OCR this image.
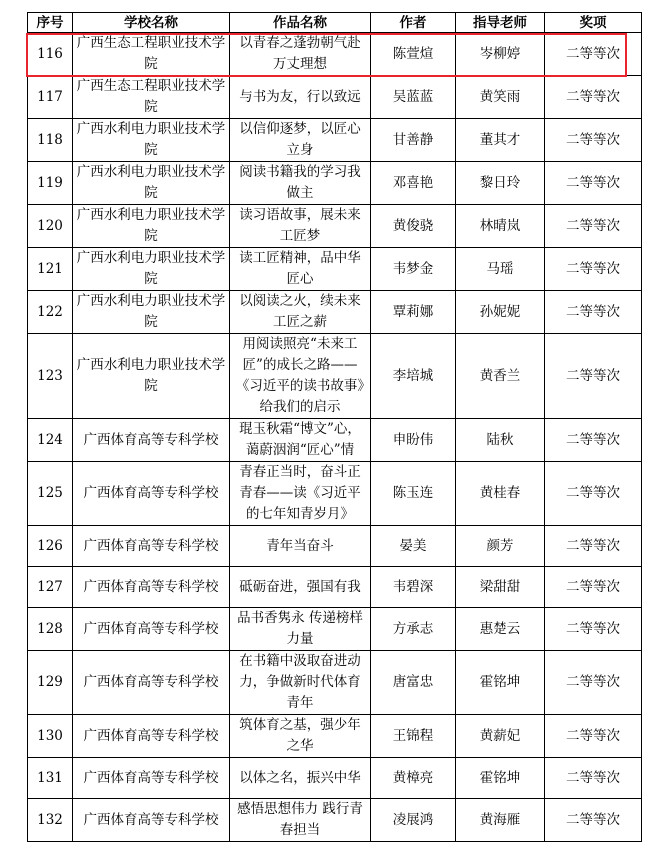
序号	学校名称	作品名称	作者	指导老师	奖项
116	广西生态工程职业技术学院	以青春之蓬勃朝气赴万丈理想	陈萱煊	岑柳婷	二等等次
117	广西生态工程职业技术学院	与书为友，行以致远	吴蓝蓝	黄笑雨	二等等次
118	广西水利电力职业技术学院	以信仰逐梦，以匠心立身	甘善静	董其才	二等等次
119	广西水利电力职业技术学院	阅读书籍我的学习我做主	邓喜艳	黎日玲	二等等次
120	广西水利电力职业技术学院	读习语故事，展未来工匠梦	黄俊骁	林晴岚	二等等次
121	广西水利电力职业技术学院	读工匠精神，品中华匠心	韦梦金	马瑶	二等等次
122	广西水利电力职业技术学院	以阅读之火，续未来工匠之薪	覃莉娜	孙妮妮	二等等次
123	广西水利电力职业技术学院	用阅读照亮“未来工匠”的成长之路——《习近平的读书故事》给我们的启示	李培城	黄香兰	二等等次
124	广西体育高等专科学校	琨玉秋霜“博文”心，蔼蔚洇润“匠心”情	申盼伟	陆秋	二等等次
125	广西体育高等专科学校	青春正当时，奋斗正青春——读《习近平的七年知青岁月》	陈玉连	黄桂春	二等等次
126	广西体育高等专科学校	青年当奋斗	晏美	颜芳	二等等次
127	广西体育高等专科学校	砥砺奋进，强国有我	韦碧深	梁甜甜	二等等次
128	广西体育高等专科学校	品书香隽永 传递榜样力量	方承志	惠楚云	二等等次
129	广西体育高等专科学校	在书籍中汲取奋进动力，争做新时代体育青年	唐富忠	霍铭坤	二等等次
130	广西体育高等专科学校	筑体育之基，强少年之华	王锦程	黄薪妃	二等等次
131	广西体育高等专科学校	以体之名，振兴中华	黄樟亮	霍铭坤	二等等次
132	广西体育高等专科学校	感悟思想伟力 践行青春担当	凌展鸿	黄海雁	二等等次
